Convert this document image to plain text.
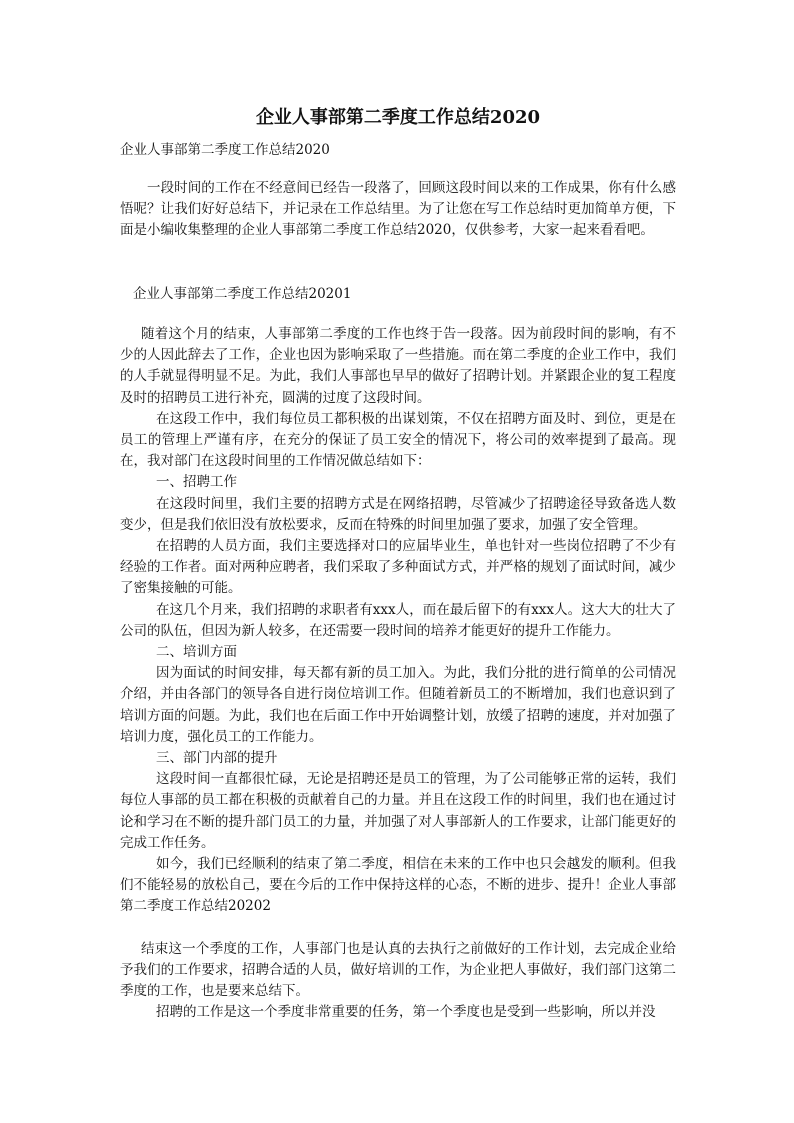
企业人事部第二季度工作总结2020
企业人事部第二季度工作总结2020

一段时间的工作在不经意间已经告一段落了，回顾这段时间以来的工作成果，你有什么感悟呢？让我们好好总结下，并记录在工作总结里。为了让您在写工作总结时更加简单方便，下面是小编收集整理的企业人事部第二季度工作总结2020，仅供参考，大家一起来看看吧。

企业人事部第二季度工作总结20201

随着这个月的结束，人事部第二季度的工作也终于告一段落。因为前段时间的影响，有不少的人因此辞去了工作，企业也因为影响采取了一些措施。而在第二季度的企业工作中，我们的人手就显得明显不足。为此，我们人事部也早早的做好了招聘计划。并紧跟企业的复工程度及时的招聘员工进行补充，圆满的过度了这段时间。

在这段工作中，我们每位员工都积极的出谋划策，不仅在招聘方面及时、到位，更是在员工的管理上严谨有序，在充分的保证了员工安全的情况下，将公司的效率提到了最高。现在，我对部门在这段时间里的工作情况做总结如下：

一、招聘工作

在这段时间里，我们主要的招聘方式是在网络招聘，尽管减少了招聘途径导致备选人数变少，但是我们依旧没有放松要求，反而在特殊的时间里加强了要求，加强了安全管理。

在招聘的人员方面，我们主要选择对口的应届毕业生，单也针对一些岗位招聘了不少有经验的工作者。面对两种应聘者，我们采取了多种面试方式，并严格的规划了面试时间，减少了密集接触的可能。

在这几个月来，我们招聘的求职者有xxx人，而在最后留下的有xxx人。这大大的壮大了公司的队伍，但因为新人较多，在还需要一段时间的培养才能更好的提升工作能力。

二、培训方面

因为面试的时间安排，每天都有新的员工加入。为此，我们分批的进行简单的公司情况介绍，并由各部门的领导各自进行岗位培训工作。但随着新员工的不断增加，我们也意识到了培训方面的问题。为此，我们也在后面工作中开始调整计划，放缓了招聘的速度，并对加强了培训力度，强化员工的工作能力。

三、部门内部的提升

这段时间一直都很忙碌，无论是招聘还是员工的管理，为了公司能够正常的运转，我们每位人事部的员工都在积极的贡献着自己的力量。并且在这段工作的时间里，我们也在通过讨论和学习在不断的提升部门员工的力量，并加强了对人事部新人的工作要求，让部门能更好的完成工作任务。

如今，我们已经顺利的结束了第二季度，相信在未来的工作中也只会越发的顺利。但我们不能轻易的放松自己，要在今后的工作中保持这样的心态，不断的进步、提升！企业人事部第二季度工作总结20202

结束这一个季度的工作，人事部门也是认真的去执行之前做好的工作计划，去完成企业给予我们的工作要求，招聘合适的人员，做好培训的工作，为企业把人事做好，我们部门这第二季度的工作，也是要来总结下。

招聘的工作是这一个季度非常重要的任务，第一个季度也是受到一些影响，所以并没
